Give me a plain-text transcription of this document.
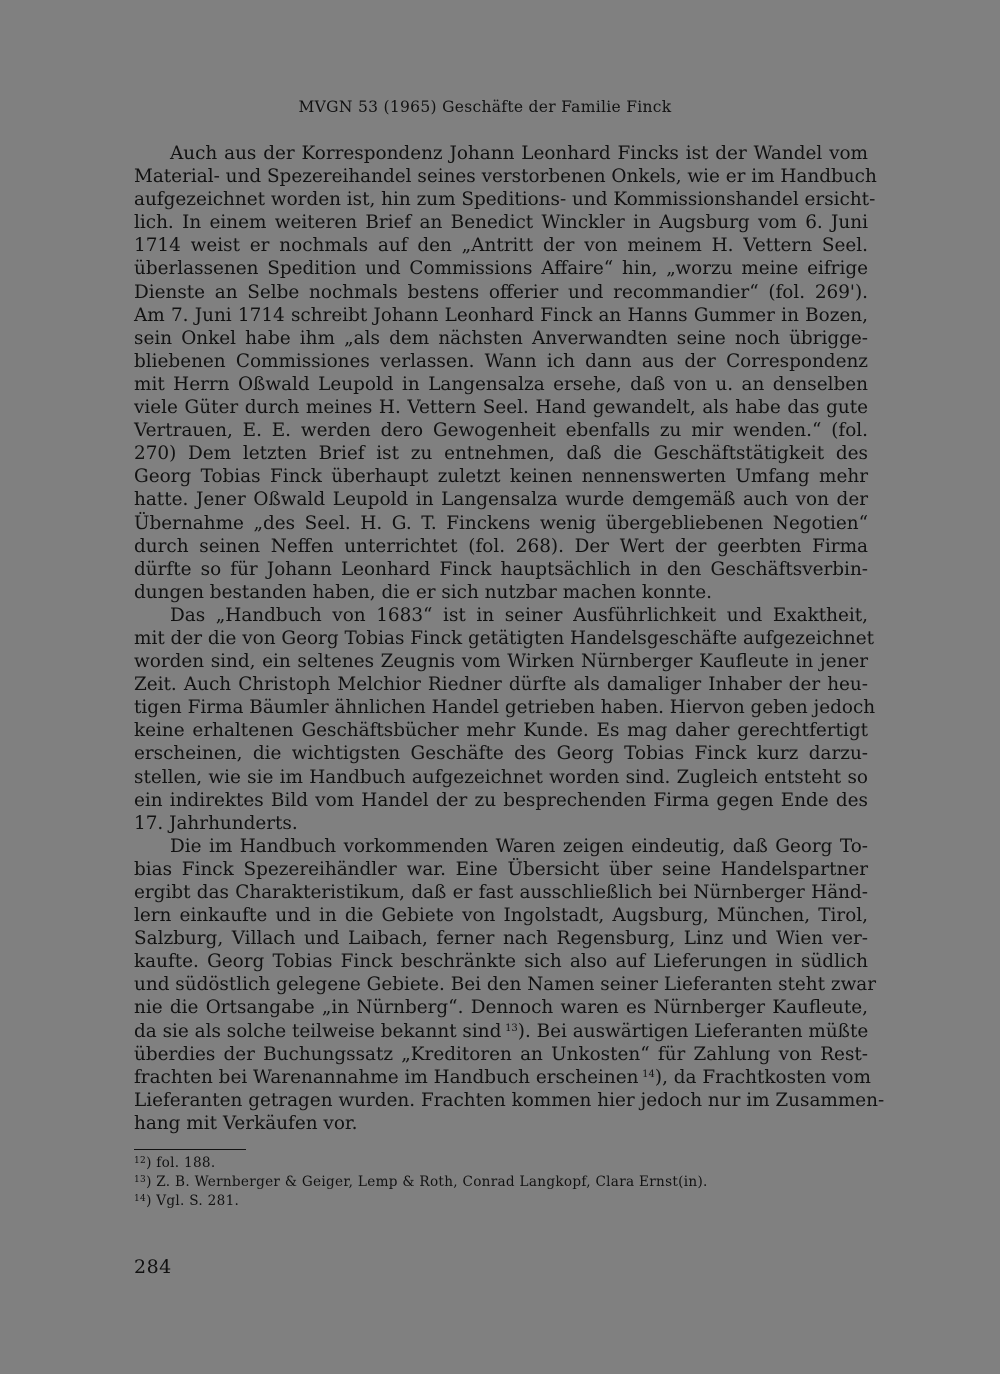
MVGN 53 (1965) Geschäfte der Familie Finck
Auch aus der Korrespondenz Johann Leonhard Fincks ist der Wandel vom
Material- und Spezereihandel seines verstorbenen Onkels, wie er im Handbuch
aufgezeichnet worden ist, hin zum Speditions- und Kommissionshandel ersicht-
lich. In einem weiteren Brief an Benedict Winckler in Augsburg vom 6. Juni
1714 weist er nochmals auf den „Antritt der von meinem H. Vettern Seel.
überlassenen Spedition und Commissions Affaire“ hin, „worzu meine eifrige
Dienste an Selbe nochmals bestens offerier und recommandier“ (fol. 269').
Am 7. Juni 1714 schreibt Johann Leonhard Finck an Hanns Gummer in Bozen,
sein Onkel habe ihm „als dem nächsten Anverwandten seine noch übrigge-
bliebenen Commissiones verlassen. Wann ich dann aus der Correspondenz
mit Herrn Oßwald Leupold in Langensalza ersehe, daß von u. an denselben
viele Güter durch meines H. Vettern Seel. Hand gewandelt, als habe das gute
Vertrauen, E. E. werden dero Gewogenheit ebenfalls zu mir wenden.“ (fol.
270) Dem letzten Brief ist zu entnehmen, daß die Geschäftstätigkeit des
Georg Tobias Finck überhaupt zuletzt keinen nennenswerten Umfang mehr
hatte. Jener Oßwald Leupold in Langensalza wurde demgemäß auch von der
Übernahme „des Seel. H. G. T. Finckens wenig übergebliebenen Negotien“
durch seinen Neffen unterrichtet (fol. 268). Der Wert der geerbten Firma
dürfte so für Johann Leonhard Finck hauptsächlich in den Geschäftsverbin-
dungen bestanden haben, die er sich nutzbar machen konnte.
Das „Handbuch von 1683“ ist in seiner Ausführlichkeit und Exaktheit,
mit der die von Georg Tobias Finck getätigten Handelsgeschäfte aufgezeichnet
worden sind, ein seltenes Zeugnis vom Wirken Nürnberger Kaufleute in jener
Zeit. Auch Christoph Melchior Riedner dürfte als damaliger Inhaber der heu-
tigen Firma Bäumler ähnlichen Handel getrieben haben. Hiervon geben jedoch
keine erhaltenen Geschäftsbücher mehr Kunde. Es mag daher gerechtfertigt
erscheinen, die wichtigsten Geschäfte des Georg Tobias Finck kurz darzu-
stellen, wie sie im Handbuch aufgezeichnet worden sind. Zugleich entsteht so
ein indirektes Bild vom Handel der zu besprechenden Firma gegen Ende des
17. Jahrhunderts.
Die im Handbuch vorkommenden Waren zeigen eindeutig, daß Georg To-
bias Finck Spezereihändler war. Eine Übersicht über seine Handelspartner
ergibt das Charakteristikum, daß er fast ausschließlich bei Nürnberger Händ-
lern einkaufte und in die Gebiete von Ingolstadt, Augsburg, München, Tirol,
Salzburg, Villach und Laibach, ferner nach Regensburg, Linz und Wien ver-
kaufte. Georg Tobias Finck beschränkte sich also auf Lieferungen in südlich
und südöstlich gelegene Gebiete. Bei den Namen seiner Lieferanten steht zwar
nie die Ortsangabe „in Nürnberg“. Dennoch waren es Nürnberger Kaufleute,
da sie als solche teilweise bekannt sind  $^{13}$). Bei auswärtigen Lieferanten müßte
überdies der Buchungssatz „Kreditoren an Unkosten“ für Zahlung von Rest-
frachten bei Warenannahme im Handbuch erscheinen  $^{14}$), da Frachtkosten vom
Lieferanten getragen wurden. Frachten kommen hier jedoch nur im Zusammen-
hang mit Verkäufen vor.
$^{12}$) fol. 188.
$^{13}$) Z. B. Wernberger & Geiger, Lemp & Roth, Conrad Langkopf, Clara Ernst(in).
$^{14}$) Vgl. S. 281.
284
